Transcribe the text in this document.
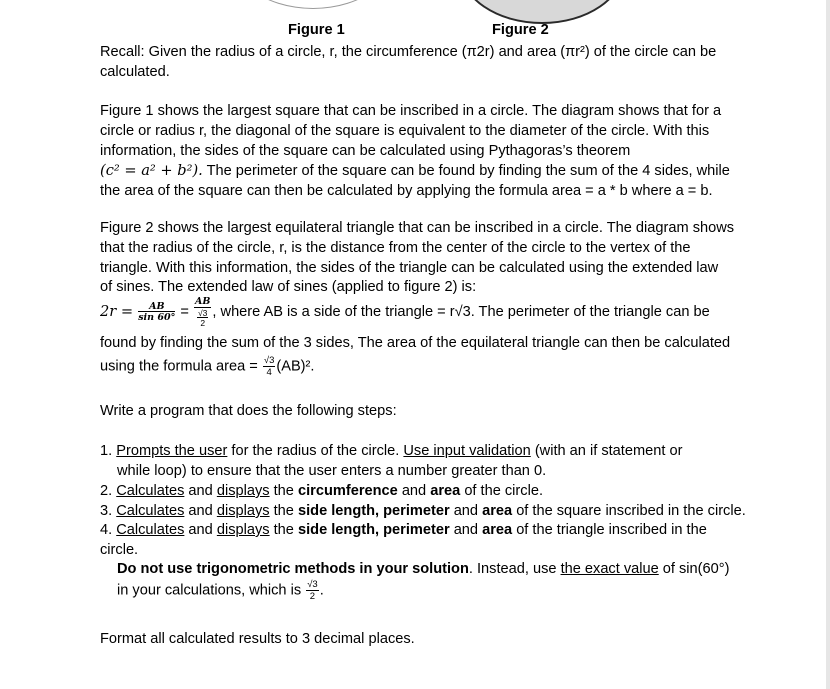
Figure 1	Figure 2
Recall: Given the radius of a circle, r, the circumference (π2r) and area (πr²) of the circle can be
calculated.
Figure 1 shows the largest square that can be inscribed in a circle. The diagram shows that for a
circle or radius r, the diagonal of the square is equivalent to the diameter of the circle. With this
information, the sides of the square can be calculated using Pythagoras’s theorem
(c² = a² + b²). The perimeter of the square can be found by finding the sum of the 4 sides, while
the area of the square can then be calculated by applying the formula area = a * b where a = b.
Figure 2 shows the largest equilateral triangle that can be inscribed in a circle. The diagram shows
that the radius of the circle, r, is the distance from the center of the circle to the vertex of the
triangle. With this information, the sides of the triangle can be calculated using the extended law
of sines. The extended law of sines (applied to figure 2) is:
$2r = \frac{AB}{\sin 60^\circ} = \frac{AB}{\frac{√3}{2}}$ , where AB is a side of the triangle = r√3. The perimeter of the triangle can be
found by finding the sum of the 3 sides, The area of the equilateral triangle can then be calculated
using the formula area = $\frac{√3}{4} (AB)^2$.
Write a program that does the following steps:
1. Prompts the user for the radius of the circle. Use input validation (with an if statement or
while loop) to ensure that the user enters a number greater than 0.
2. Calculates and displays the circumference and area of the circle.
3. Calculates and displays the side length, perimeter and area of the square inscribed in the circle.
4. Calculates and displays the side length, perimeter and area of the triangle inscribed in the
circle.
Do not use trigonometric methods in your solution. Instead, use the exact value of sin(60°)
in your calculations, which is $\frac{√3}{2}$ .
Format all calculated results to 3 decimal places.
